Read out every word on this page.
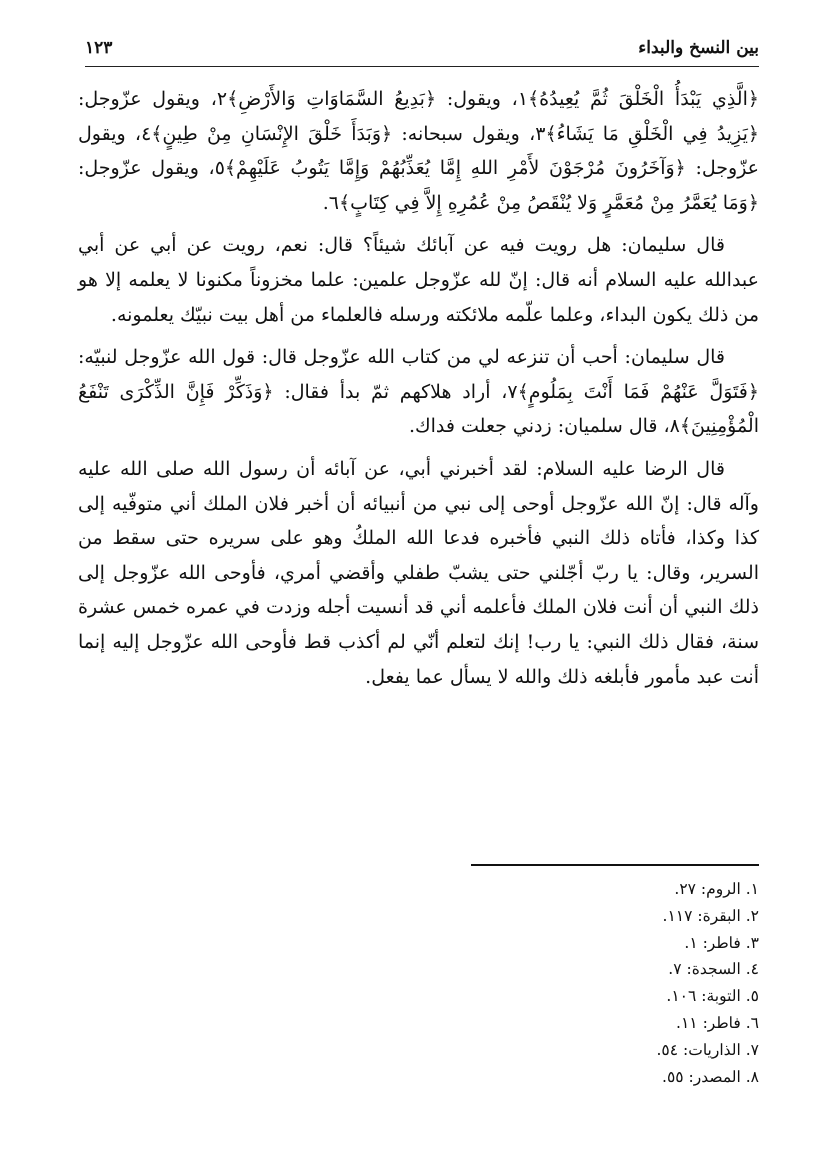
بين النسخ والبداء
١٢٣

﴿الَّذِي يَبْدَأُ الْخَلْقَ ثُمَّ يُعِيدُهُ﴾١، ويقول: ﴿بَدِيعُ السَّمَاوَاتِ وَالأَرْضِ﴾٢، ويقول عزّوجل: ﴿يَزِيدُ فِي الْخَلْقِ مَا يَشَاءُ﴾٣، ويقول سبحانه: ﴿وَبَدَأَ خَلْقَ الإِنْسَانِ مِنْ طِينٍ﴾٤، ويقول عزّوجل: ﴿وَآخَرُونَ مُرْجَوْنَ لأَمْرِ اللهِ إِمَّا يُعَذِّبُهُمْ وَإِمَّا يَتُوبُ عَلَيْهِمْ﴾٥، ويقول عزّوجل: ﴿وَمَا يُعَمَّرُ مِنْ مُعَمَّرٍ وَلا يُنْقَصُ مِنْ عُمُرِهِ إِلاَّ فِي كِتَابٍ﴾٦.

قال سليمان: هل رويت فيه عن آبائك شيئاً؟ قال: نعم، رويت عن أبي عن أبي عبدالله عليه السلام أنه قال: إنّ لله عزّوجل علمين: علما مخزوناً مكنونا لا يعلمه إلا هو من ذلك يكون البداء، وعلما علّمه ملائكته ورسله فالعلماء من أهل بيت نبيّك يعلمونه.

قال سليمان: أحب أن تنزعه لي من كتاب الله عزّوجل قال: قول الله عزّوجل لنبيّه: ﴿فَتَوَلَّ عَنْهُمْ فَمَا أَنْتَ بِمَلُومٍ﴾٧، أراد هلاكهم ثمّ بدأ فقال: ﴿وَذَكِّرْ فَإِنَّ الذِّكْرَى تَنْفَعُ الْمُؤْمِنِينَ﴾٨، قال سلميان: زدني جعلت فداك.

قال الرضا عليه السلام: لقد أخبرني أبي، عن آبائه أن رسول الله صلى الله عليه وآله قال: إنّ الله عزّوجل أوحى إلى نبي من أنبيائه أن أخبر فلان الملك أني متوفّيه إلى كذا وكذا، فأتاه ذلك النبي فأخبره فدعا الله الملكُ وهو على سريره حتى سقط من السرير، وقال: يا ربّ أجّلني حتى يشبّ طفلي وأقضي أمري، فأوحى الله عزّوجل إلى ذلك النبي أن أنت فلان الملك فأعلمه أني قد أنسيت أجله وزدت في عمره خمس عشرة سنة، فقال ذلك النبي: يا رب! إنك لتعلم أنّي لم أكذب قط فأوحى الله عزّوجل إليه إنما أنت عبد مأمور فأبلغه ذلك والله لا يسأل عما يفعل.

١. الروم: ٢٧.
٢. البقرة: ١١٧.
٣. فاطر: ١.
٤. السجدة: ٧.
٥. التوبة: ١٠٦.
٦. فاطر: ١١.
٧. الذاريات: ٥٤.
٨. المصدر: ٥٥.
